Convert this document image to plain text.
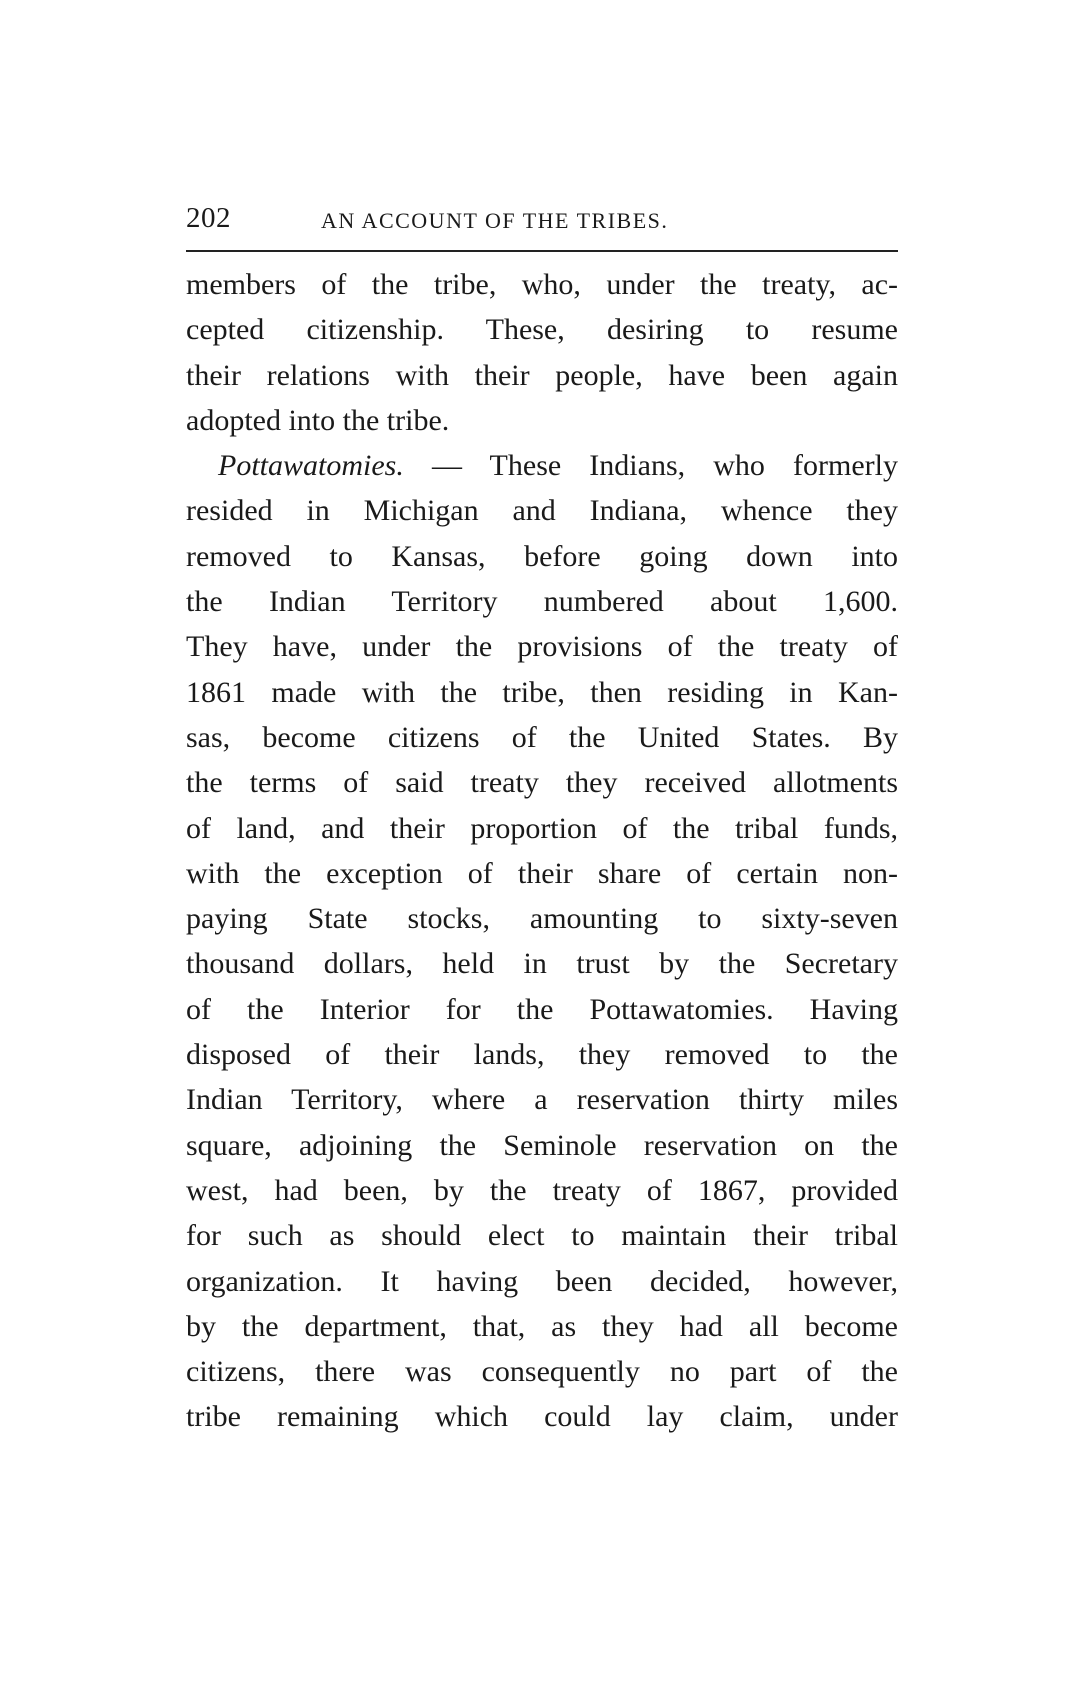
202	AN ACCOUNT OF THE TRIBES.
members of the tribe, who, under the treaty, ac-
cepted citizenship. These, desiring to resume
their relations with their people, have been again
adopted into the tribe.
Pottawatomies. — These Indians, who formerly
resided in Michigan and Indiana, whence they
removed to Kansas, before going down into
the Indian Territory numbered about 1,600.
They have, under the provisions of the treaty of
1861 made with the tribe, then residing in Kan-
sas, become citizens of the United States. By
the terms of said treaty they received allotments
of land, and their proportion of the tribal funds,
with the exception of their share of certain non-
paying State stocks, amounting to sixty-seven
thousand dollars, held in trust by the Secretary
of the Interior for the Pottawatomies. Having
disposed of their lands, they removed to the
Indian Territory, where a reservation thirty miles
square, adjoining the Seminole reservation on the
west, had been, by the treaty of 1867, provided
for such as should elect to maintain their tribal
organization. It having been decided, however,
by the department, that, as they had all become
citizens, there was consequently no part of the
tribe remaining which could lay claim, under
